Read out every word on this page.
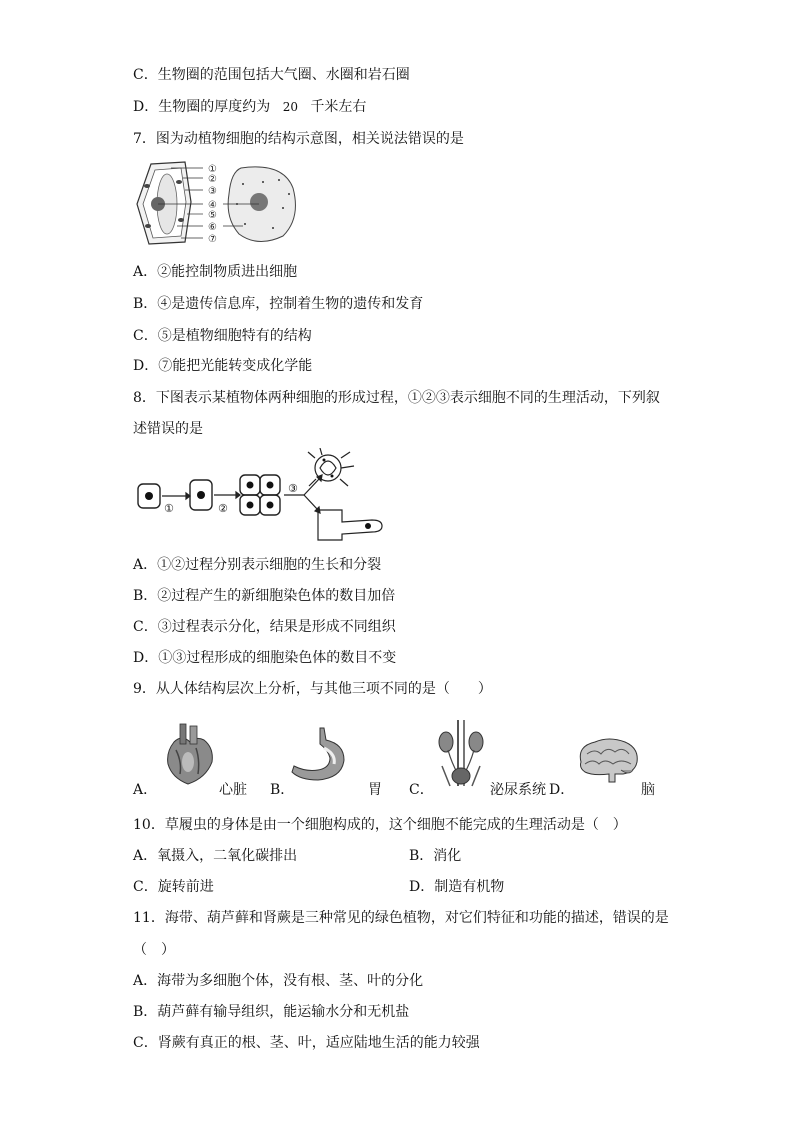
C．生物圈的范围包括大气圈、水圈和岩石圈
D．生物圈的厚度约为 20 千米左右
7．图为动植物细胞的结构示意图，相关说法错误的是
①
②
③
④
⑤
⑥
⑦
A．②能控制物质进出细胞
B．④是遗传信息库，控制着生物的遗传和发育
C．⑤是植物细胞特有的结构
D．⑦能把光能转变成化学能
8．下图表示某植物体两种细胞的形成过程，①②③表示细胞不同的生理活动，下列叙
述错误的是
①	②
③
A．①②过程分别表示细胞的生长和分裂
B．②过程产生的新细胞染色体的数目加倍
C．③过程表示分化，结果是形成不同组织
D．①③过程形成的细胞染色体的数目不变
9．从人体结构层次上分析，与其他三项不同的是（　　）
A．	心脏 B．	胃 C．	泌尿系统 D．	脑
10．草履虫的身体是由一个细胞构成的，这个细胞不能完成的生理活动是（　）
A．氧摄入，二氧化碳排出	B．消化
C．旋转前进	D．制造有机物
11．海带、葫芦藓和肾蕨是三种常见的绿色植物，对它们特征和功能的描述，错误的是
（　）
A．海带为多细胞个体，没有根、茎、叶的分化
B．葫芦藓有输导组织，能运输水分和无机盐
C．肾蕨有真正的根、茎、叶，适应陆地生活的能力较强
